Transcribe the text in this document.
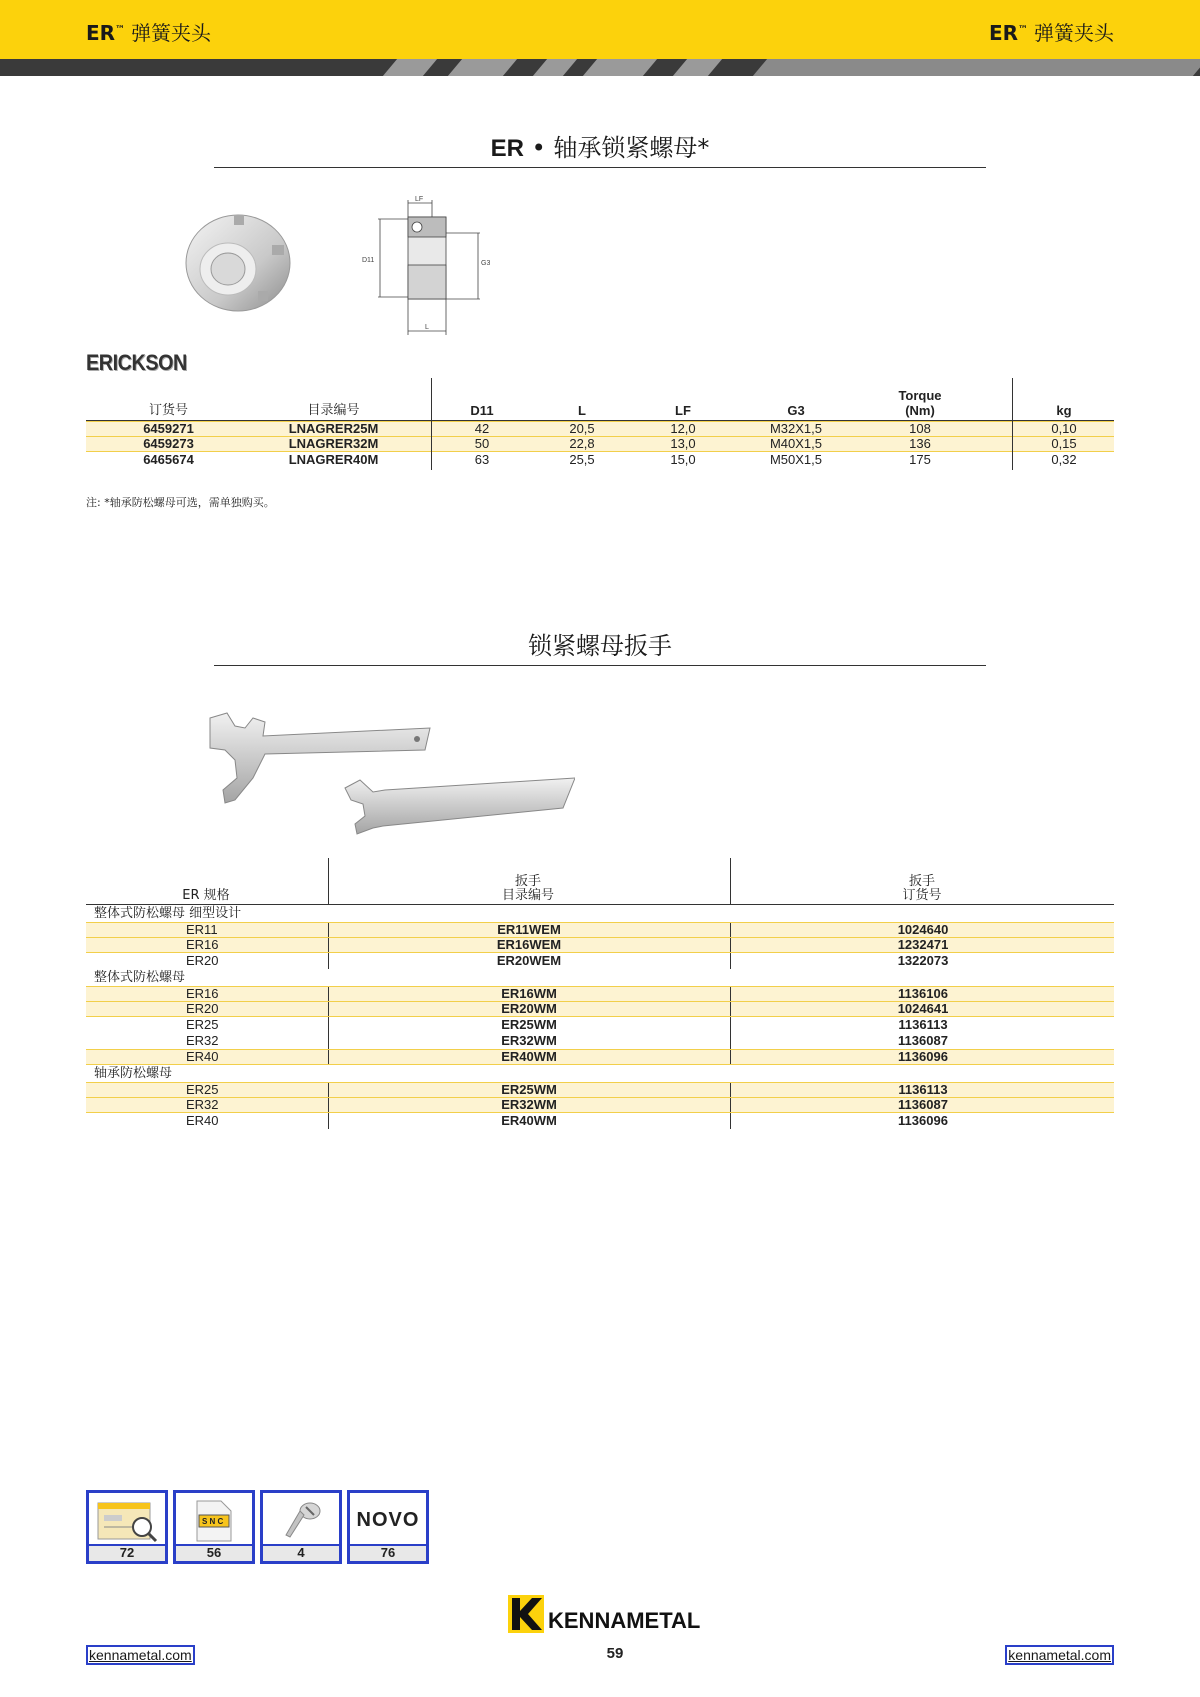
ER™ 弹簧夹头	ER™ 弹簧夹头
ER • 轴承锁紧螺母*
LF
D11	G3
L
ERICKSON
订货号	目录编号	D11	L	LF	G3
Torque
(Nm)	kg
6459271	LNAGRER25M	42	20,5	12,0	M32X1,5	108	0,10
6459273	LNAGRER32M	50	22,8	13,0	M40X1,5	136	0,15
6465674	LNAGRER40M	63	25,5	15,0	M50X1,5	175	0,32
注: *轴承防松螺母可选，需单独购买。
锁紧螺母扳手
ER 规格
扳手
目录编号
扳手
订货号
整体式防松螺母 细型设计
ER11	ER11WEM	1024640
ER16	ER16WEM	1232471
ER20	ER20WEM	1322073
整体式防松螺母
ER16	ER16WM	1136106
ER20	ER20WM	1024641
ER25	ER25WM	1136113
ER32	ER32WM	1136087
ER40	ER40WM	1136096
轴承防松螺母
ER25	ER25WM	1136113
ER32	ER32WM	1136087
ER40	ER40WM	1136096
72
S N C
56	4
NOVO
76
KENNAMETAL
kennametal.com	59	kennametal.com
